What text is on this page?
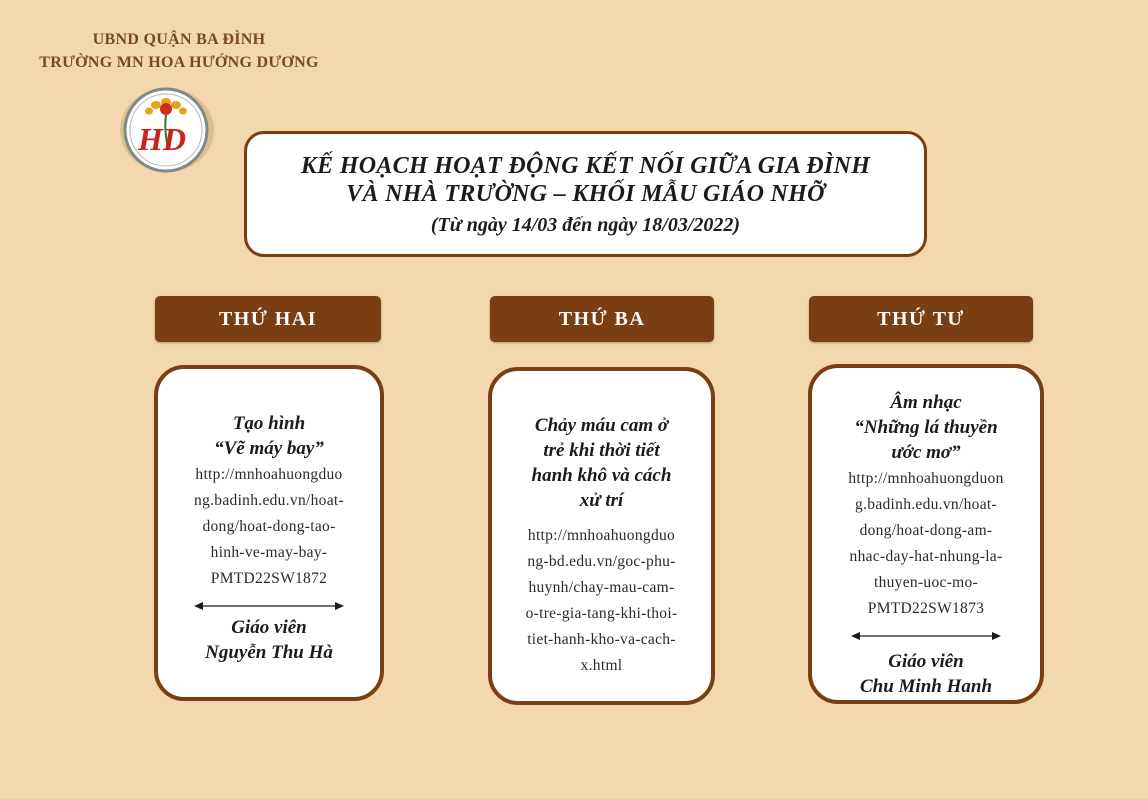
UBND QUẬN BA ĐÌNH
TRƯỜNG MN HOA HƯỚNG DƯƠNG
HD
KẾ HOẠCH HOẠT ĐỘNG KẾT NỐI GIỮA GIA ĐÌNH
VÀ NHÀ TRƯỜNG – KHỐI MẪU GIÁO NHỠ
(Từ ngày 14/03 đến ngày 18/03/2022)
THỨ HAI	THỨ BA	THỨ TƯ
Tạo hình
“Vẽ máy bay”
http://mnhoahuongduo
ng.badinh.edu.vn/hoat-
dong/hoat-dong-tao-
hinh-ve-may-bay-
PMTD22SW1872
Giáo viên
Nguyễn Thu Hà
Chảy máu cam ở
trẻ khi thời tiết
hanh khô và cách
xử trí
http://mnhoahuongduo
ng-bd.edu.vn/goc-phu-
huynh/chay-mau-cam-
o-tre-gia-tang-khi-thoi-
tiet-hanh-kho-va-cach-
x.html
Âm nhạc
“Những lá thuyền
ước mơ”
http://mnhoahuongduon
g.badinh.edu.vn/hoat-
dong/hoat-dong-am-
nhac-day-hat-nhung-la-
thuyen-uoc-mo-
PMTD22SW1873
Giáo viên
Chu Minh Hanh
